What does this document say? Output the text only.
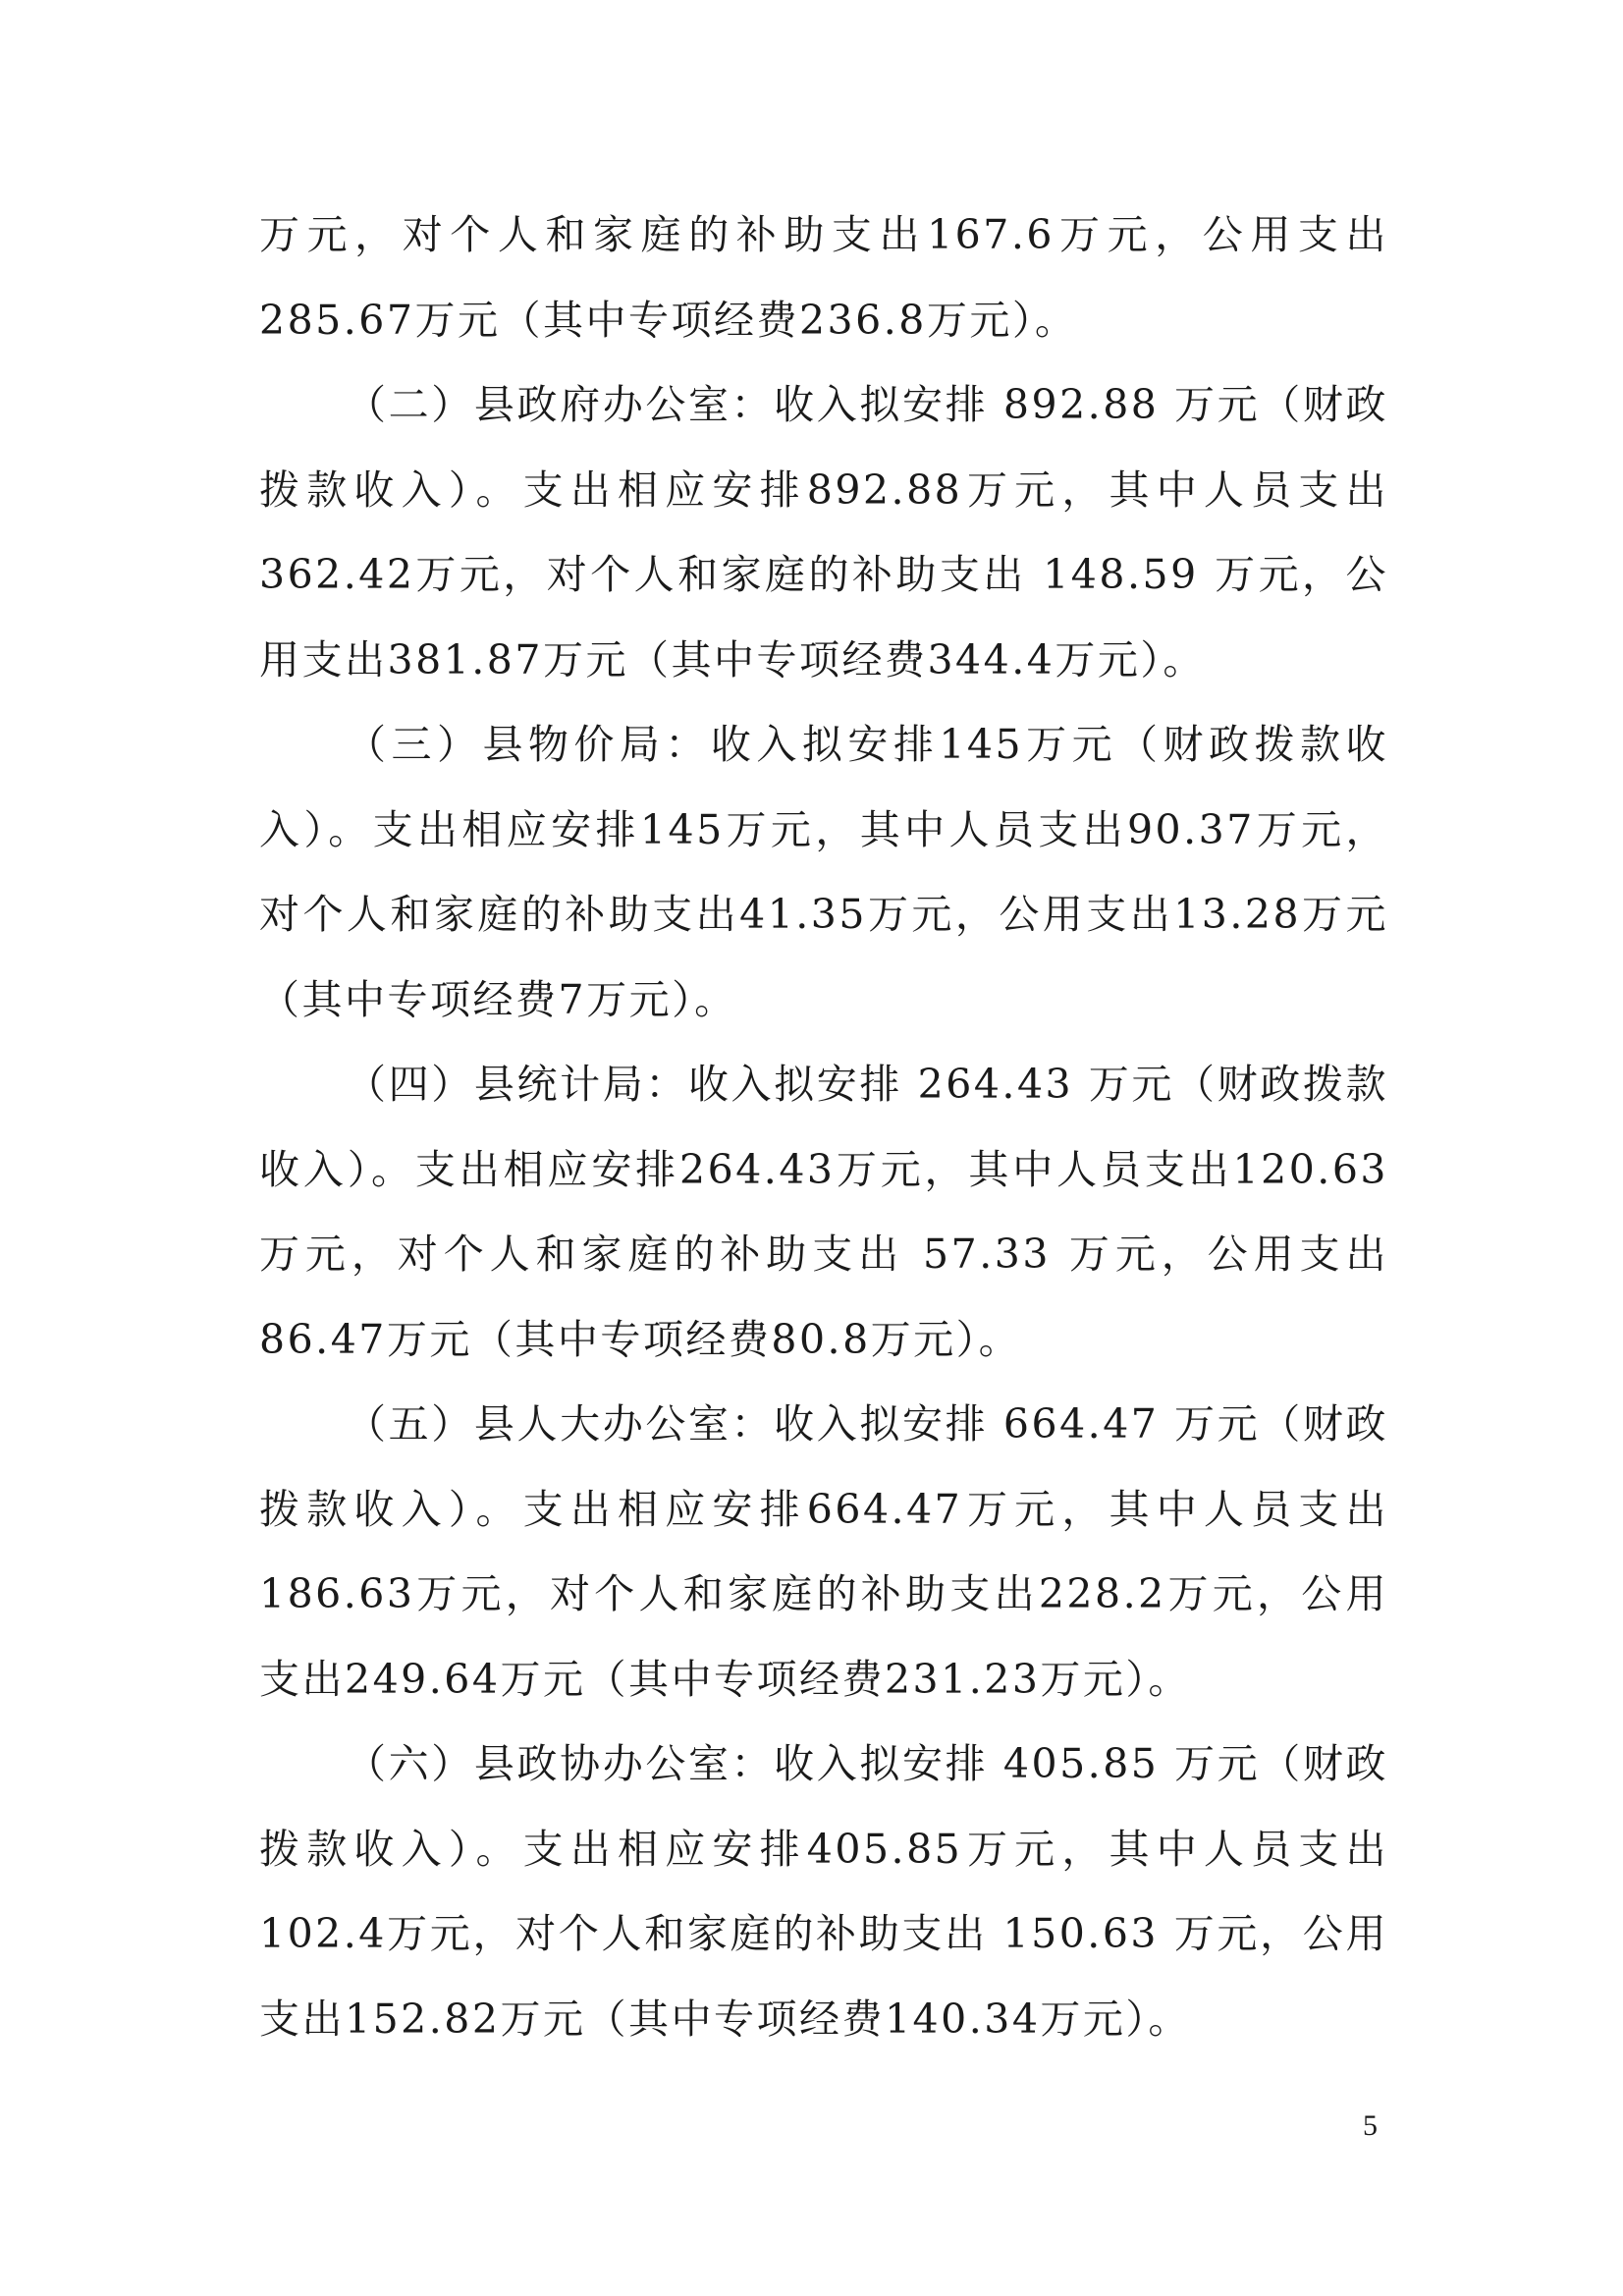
万元，对个人和家庭的补助支出167.6万元，公用支出285.67万元（其中专项经费236.8万元）。

（二）县政府办公室：收入拟安排 892.88 万元（财政拨款收入）。支出相应安排892.88万元，其中人员支出362.42万元，对个人和家庭的补助支出 148.59 万元，公用支出381.87万元（其中专项经费344.4万元）。

（三）县物价局：收入拟安排145万元（财政拨款收入）。支出相应安排145万元，其中人员支出90.37万元，对个人和家庭的补助支出41.35万元，公用支出13.28万元（其中专项经费7万元）。

（四）县统计局：收入拟安排 264.43 万元（财政拨款收入）。支出相应安排264.43万元，其中人员支出120.63万元，对个人和家庭的补助支出 57.33 万元，公用支出 86.47万元（其中专项经费80.8万元）。

（五）县人大办公室：收入拟安排 664.47 万元（财政拨款收入）。支出相应安排664.47万元，其中人员支出186.63万元，对个人和家庭的补助支出228.2万元，公用支出249.64万元（其中专项经费231.23万元）。

（六）县政协办公室：收入拟安排 405.85 万元（财政拨款收入）。支出相应安排405.85万元，其中人员支出102.4万元，对个人和家庭的补助支出 150.63 万元，公用支出152.82万元（其中专项经费140.34万元）。

5
